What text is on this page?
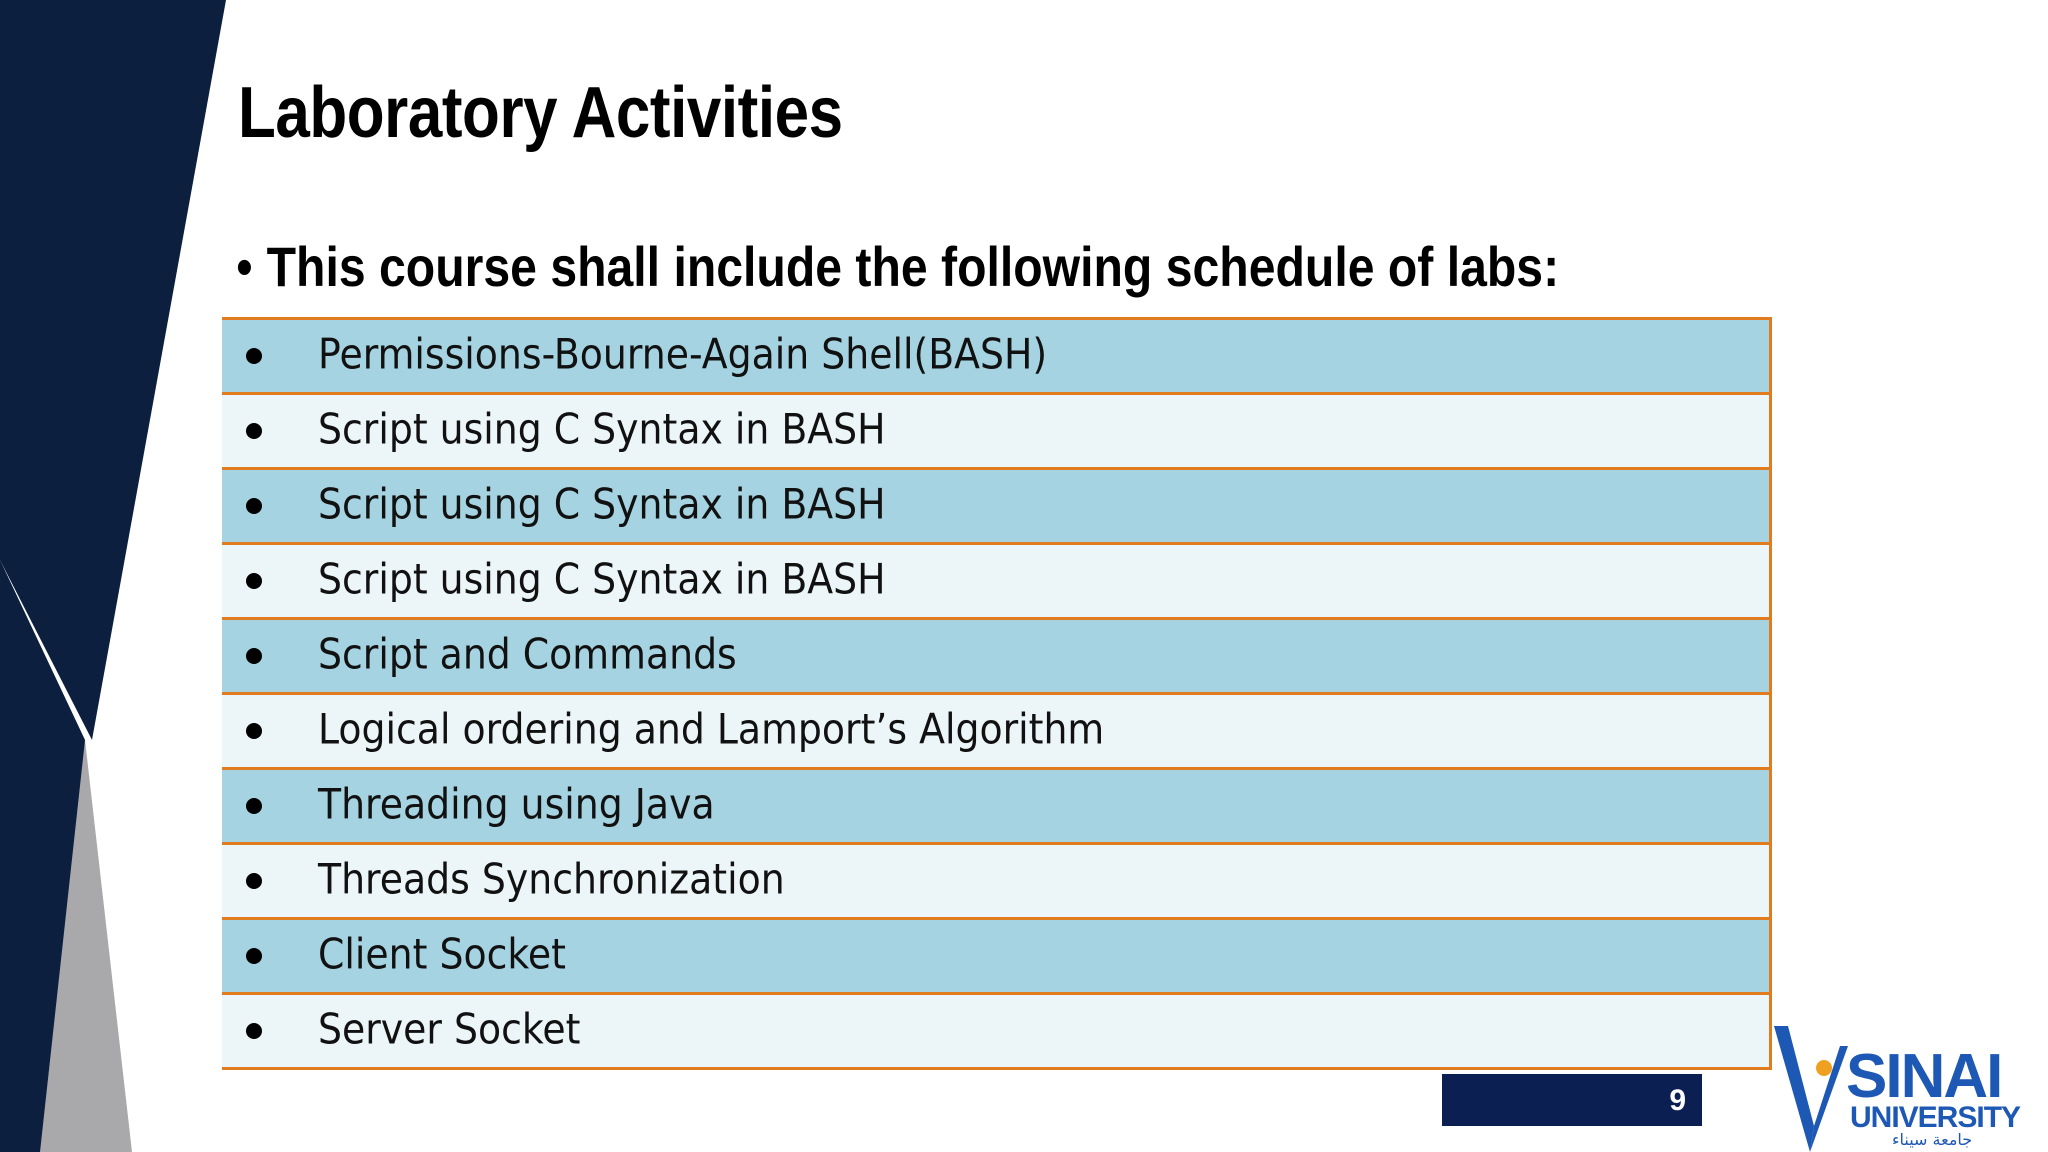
Laboratory Activities
• This course shall include the following schedule of labs:
Permissions-Bourne-Again Shell(BASH)
Script using C Syntax in BASH
Script using C Syntax in BASH
Script using C Syntax in BASH
Script and Commands
Logical ordering and Lamport’s Algorithm
Threading using Java
Threads Synchronization
Client Socket
Server Socket
9	SINAI
UNIVERSITY
جامعة سيناء
